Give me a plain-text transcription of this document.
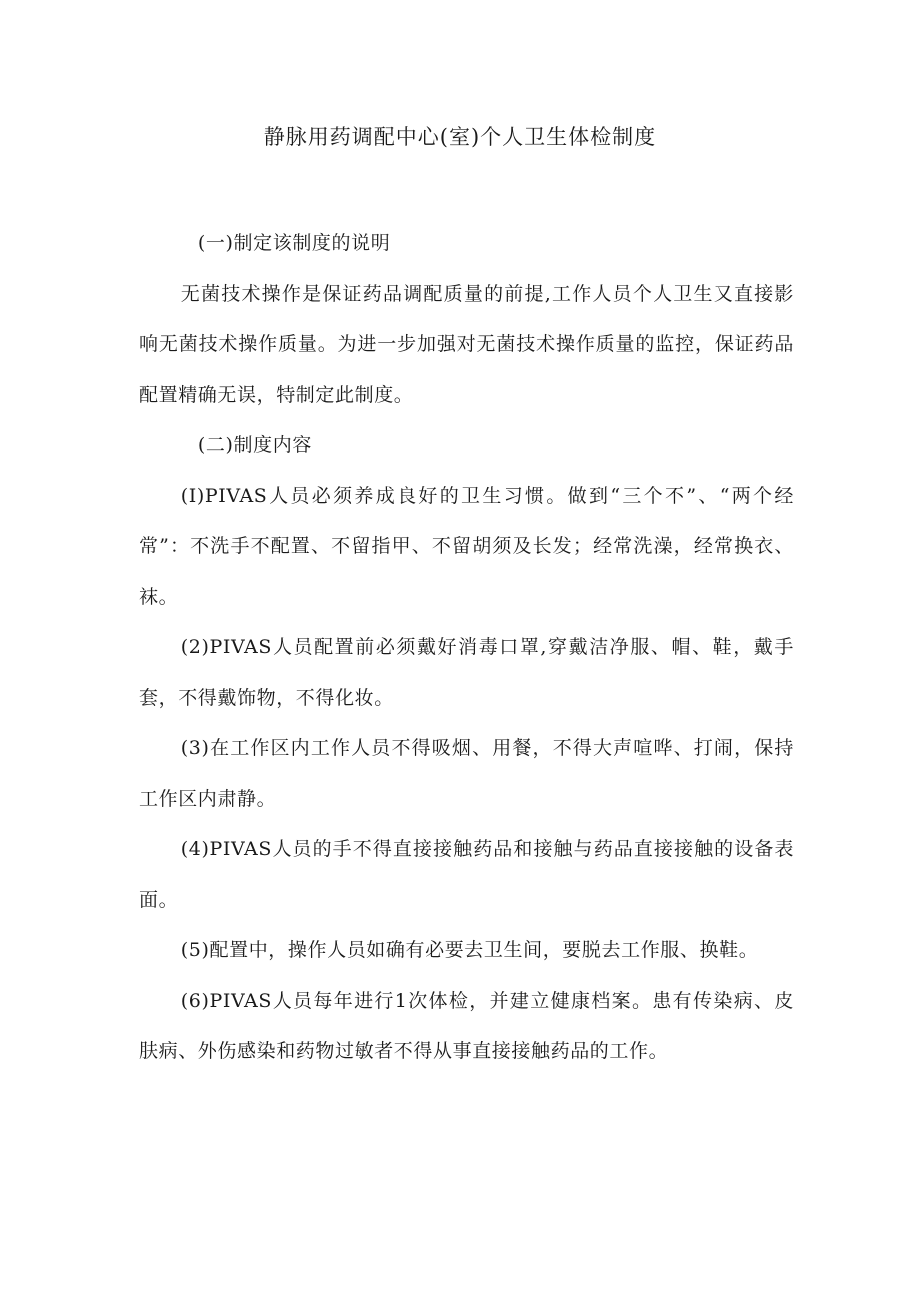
静脉用药调配中心(室)个人卫生体检制度

(一)制定该制度的说明

无菌技术操作是保证药品调配质量的前提,工作人员个人卫生又直接影响无菌技术操作质量。为进一步加强对无菌技术操作质量的监控，保证药品配置精确无误，特制定此制度。

(二)制度内容

(I)PIVAS人员必须养成良好的卫生习惯。做到“三个不”、“两个经常”：不洗手不配置、不留指甲、不留胡须及长发；经常洗澡，经常换衣、袜。

(2)PIVAS人员配置前必须戴好消毒口罩,穿戴洁净服、帽、鞋，戴手套，不得戴饰物，不得化妆。

(3)在工作区内工作人员不得吸烟、用餐，不得大声喧哗、打闹，保持工作区内肃静。

(4)PIVAS人员的手不得直接接触药品和接触与药品直接接触的设备表面。

(5)配置中，操作人员如确有必要去卫生间，要脱去工作服、换鞋。

(6)PIVAS人员每年进行1次体检，并建立健康档案。患有传染病、皮肤病、外伤感染和药物过敏者不得从事直接接触药品的工作。
